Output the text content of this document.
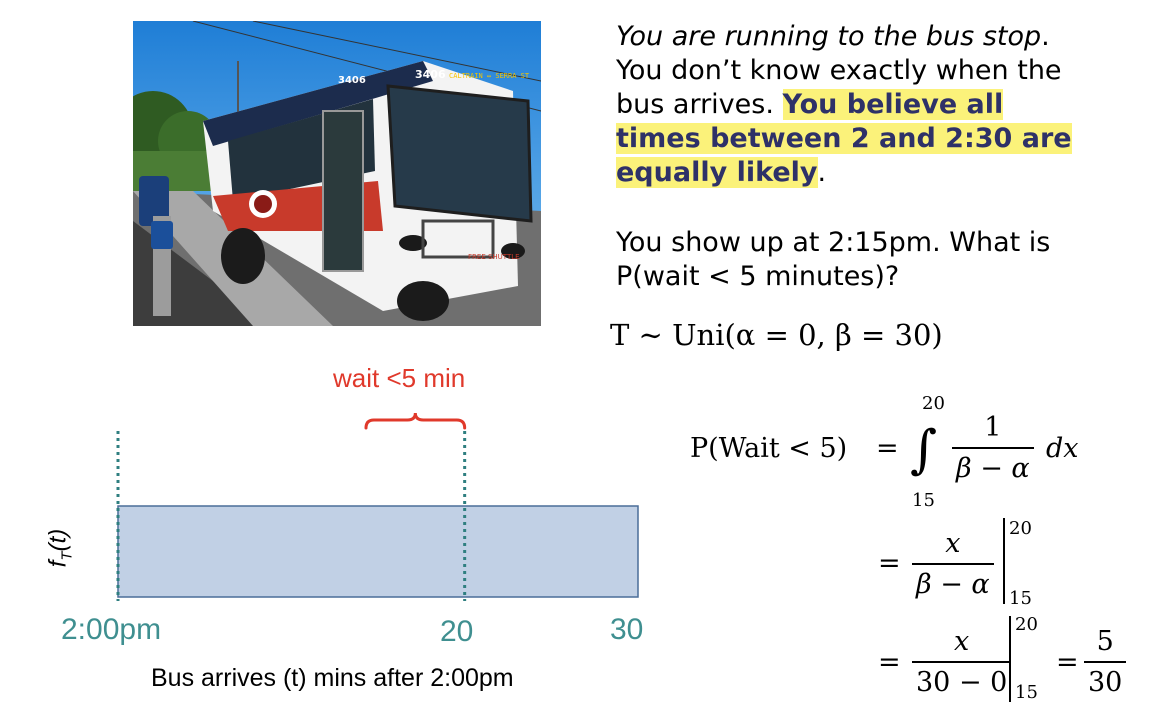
3406	3406 CALTRAIN ↔ SERRA ST
FREE SHUTTLE
You are running to the bus stop. You don’t know exactly when the bus arrives. You believe all times between 2 and 2:30 are equally likely.
You show up at 2:15pm. What is P(wait < 5 minutes)?
T ∼ Uni(α = 0, β = 30)
P(Wait < 5) =
20
∫
15
$\frac{1}{\beta - \alpha}$ dx
= $\frac{x}{\beta - \alpha} 20$
15
= $\frac{x}{30 - 0}$
20
15
= $\frac{5}{30}$
wait <5 min
$f_T(t)$
2:00pm	20	30
Bus arrives (t) mins after 2:00pm
